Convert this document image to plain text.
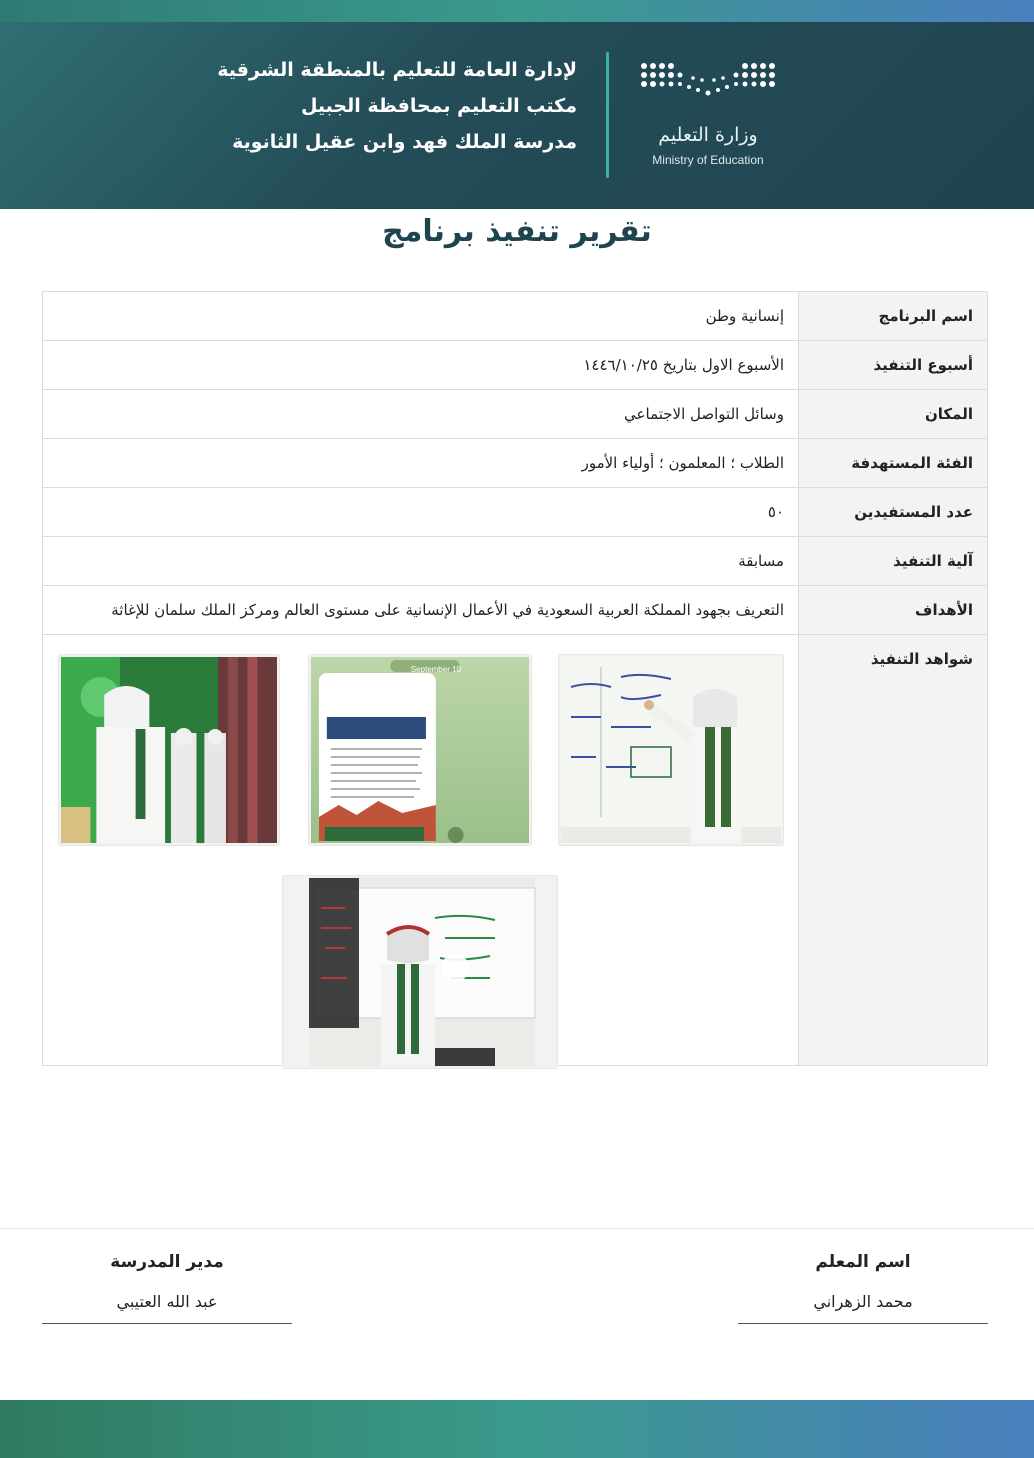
لإدارة العامة للتعليم بالمنطقة الشرقية
مكتب التعليم بمحافظة الجبيل
مدرسة الملك فهد وابن عقيل الثانوية	وزارة التعليم
Ministry of Education
تقرير تنفيذ برنامج
اسم البرنامج	إنسانية وطن
أسبوع التنفيذ	الأسبوع الاول بتاريخ ١٤٤٦/١٠/٢٥
المكان	وسائل التواصل الاجتماعي
الفئة المستهدفة	الطلاب ؛ المعلمون ؛ أولياء الأمور
عدد المستفيدين	٥٠
آلية التنفيذ	مسابقة
الأهداف	التعريف بجهود المملكة العربية السعودية في الأعمال الإنسانية على مستوى العالم ومركز الملك سلمان للإغاثة
شواهد التنفيذ	September 10
اسم المعلم
محمد الزهراني
مدير المدرسة
عبد الله العتيبي
